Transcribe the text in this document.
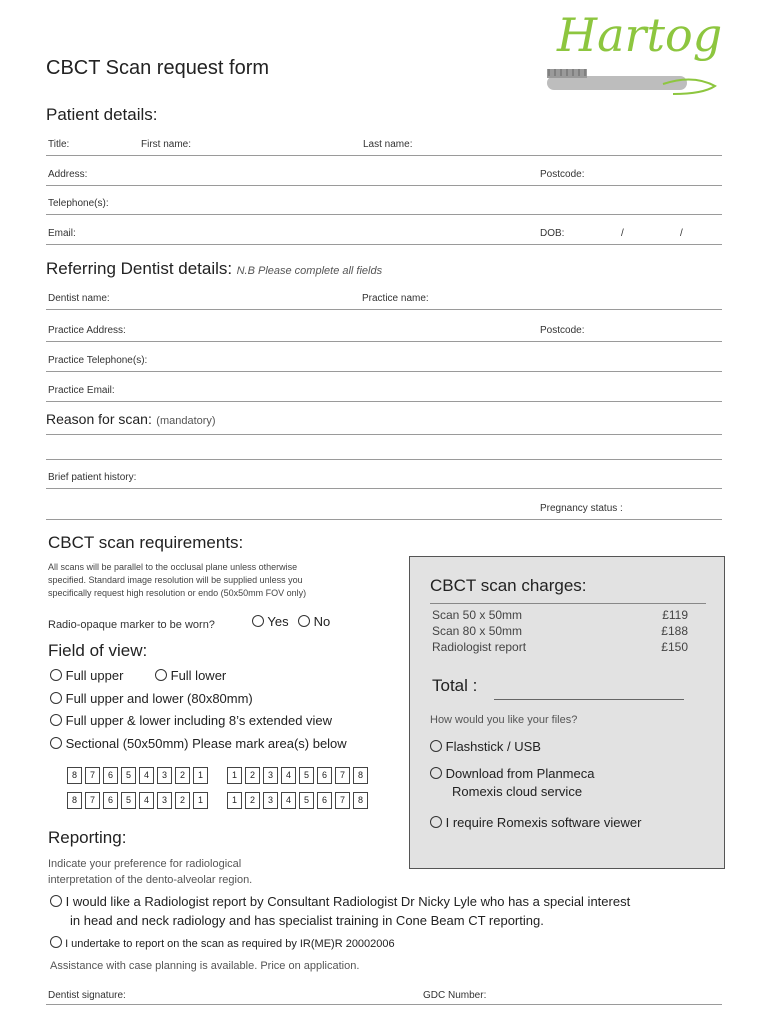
CBCT Scan request form
Hartog
Patient details:
Title:	First name:	Last name:
Address:	Postcode:
Telephone(s):
Email:	DOB:	/	/
Referring Dentist details: N.B Please complete all fields
Dentist name:	Practice name:
Practice Address:	Postcode:
Practice Telephone(s):
Practice Email:
Reason for scan: (mandatory)
Brief patient history:
Pregnancy status :
CBCT scan requirements:
All scans will be parallel to the occlusal plane unless otherwise
specified. Standard image resolution will be supplied unless you
specifically request high resolution or endo (50x50mm FOV only)
Radio-opaque marker to be worn?	Yes	No
Field of view:
Full upper	Full lower
Full upper and lower (80x80mm)
Full upper & lower including 8’s extended view
Sectional (50x50mm) Please mark area(s) below
8	7	6	5	4	3	2	1	1	2	3	4	5	6	7	8
8	7	6	5	4	3	2	1	1	2	3	4	5	6	7	8
CBCT scan charges:
Scan 50 x 50mm	£119
Scan 80 x 50mm	£188
Radiologist report	£150
Total :
How would you like your files?
Flashstick / USB
Download from Planmeca
Romexis cloud service
I require Romexis software viewer
Reporting:
Indicate your preference for radiological
interpretation of the dento-alveolar region.
I would like a Radiologist report by Consultant Radiologist Dr Nicky Lyle who has a special interest
in head and neck radiology and has specialist training in Cone Beam CT reporting.
I undertake to report on the scan as required by IR(ME)R 20002006
Assistance with case planning is available. Price on application.
Dentist signature:	GDC Number:
